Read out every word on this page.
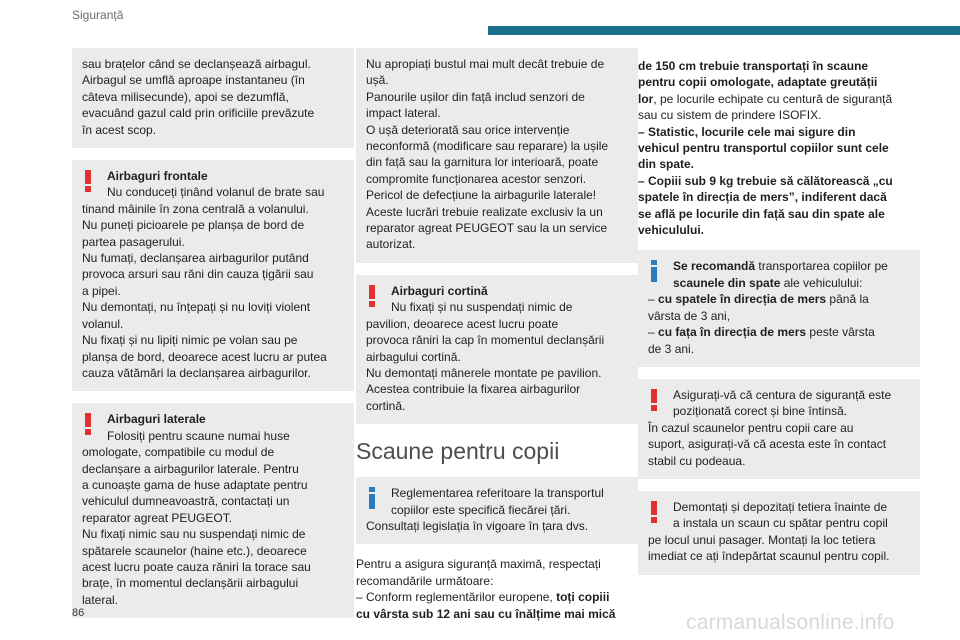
Siguranță

sau brațelor când se declanșează airbagul.

Airbagul se umflă aproape instantaneu (în

câteva milisecunde), apoi se dezumflă,

evacuând gazul cald prin orificiile prevăzute

în acest scop.

Airbaguri frontale
Nu conduceți ținând volanul de brate sau

tinand mâinile în zona centrală a volanului.

Nu puneți picioarele pe planșa de bord de

partea pasagerului.

Nu fumați, declanșarea airbagurilor putând

provoca arsuri sau răni din cauza țigării sau

a pipei.

Nu demontați, nu înțepați și nu loviți violent

volanul.

Nu fixați și nu lipiți nimic pe volan sau pe

planșa de bord, deoarece acest lucru ar putea

cauza vătămări la declanșarea airbagurilor.

Airbaguri laterale
Folosiți pentru scaune numai huse

omologate, compatibile cu modul de

declanșare a airbagurilor laterale. Pentru

a cunoaște gama de huse adaptate pentru

vehiculul dumneavoastră, contactați un

reparator agreat PEUGEOT.

Nu fixați nimic sau nu suspendați nimic de

spătarele scaunelor (haine etc.), deoarece

acest lucru poate cauza răniri la torace sau

brațe, în momentul declanșării airbagului

lateral.

Nu apropiați bustul mai mult decât trebuie de

ușă.

Panourile ușilor din față includ senzori de

impact lateral.

O ușă deteriorată sau orice intervenție

neconformă (modificare sau reparare) la ușile

din față sau la garnitura lor interioară, poate

compromite funcționarea acestor senzori.

Pericol de defecțiune la airbagurile laterale!

Aceste lucrări trebuie realizate exclusiv la un

reparator agreat PEUGEOT sau la un service

autorizat.

Airbaguri cortină
Nu fixați și nu suspendați nimic de

pavilion, deoarece acest lucru poate

provoca răniri la cap în momentul declanșării

airbagului cortină.

Nu demontați mânerele montate pe pavilion.

Acestea contribuie la fixarea airbagurilor

cortină.

Scaune pentru copii
Reglementarea referitoare la transportul
copiilor este specifică fiecărei țări.

Consultați legislația în vigoare în țara dvs.

Pentru a asigura siguranță maximă, respectați

recomandările următoare:

– Conform reglementărilor europene, toți copiii

cu vârsta sub 12 ani sau cu înălțime mai mică

de 150 cm trebuie transportați în scaune

pentru copii omologate, adaptate greutății

lor, pe locurile echipate cu centură de siguranță

sau cu sistem de prindere ISOFIX.

– Statistic, locurile cele mai sigure din

vehicul pentru transportul copiilor sunt cele

din spate.

– Copiii sub 9 kg trebuie să călătorească „cu

spatele în direcția de mers”, indiferent dacă

se află pe locurile din față sau din spate ale

vehiculului.

Se recomandă transportarea copiilor pe
scaunele din spate ale vehiculului:

– cu spatele în direcția de mers până la

vârsta de 3 ani,

– cu fața în direcția de mers peste vârsta

de 3 ani.

Asigurați-vă că centura de siguranță este
poziționată corect și bine întinsă.

În cazul scaunelor pentru copii care au

suport, asigurați-vă că acesta este în contact

stabil cu podeaua.

Demontați și depozitați tetiera înainte de
a instala un scaun cu spătar pentru copil

pe locul unui pasager. Montați la loc tetiera

imediat ce ați îndepărtat scaunul pentru copil.

86	carmanualsonline.info
